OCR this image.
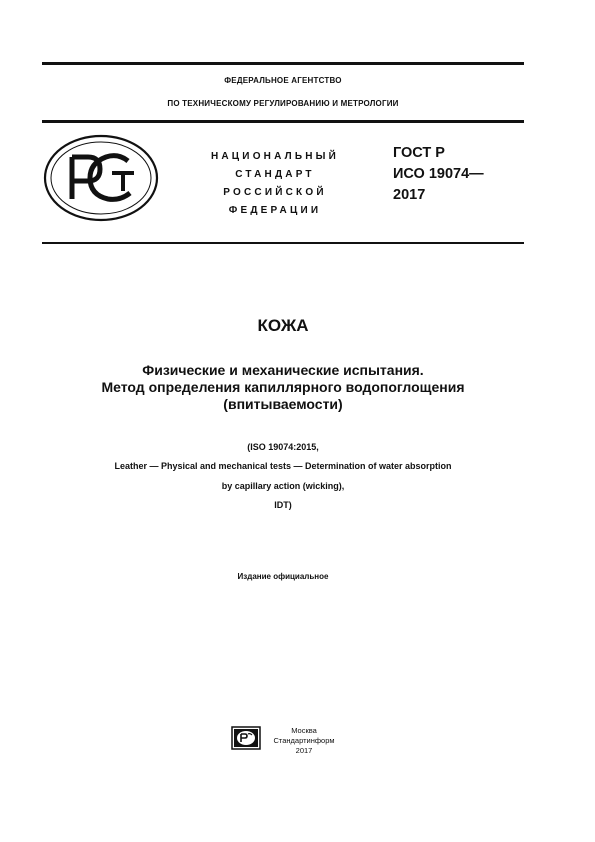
ФЕДЕРАЛЬНОЕ АГЕНТСТВО
ПО ТЕХНИЧЕСКОМУ РЕГУЛИРОВАНИЮ И МЕТРОЛОГИИ
НАЦИОНАЛЬНЫЙ
СТАНДАРТ
РОССИЙСКОЙ
ФЕДЕРАЦИИ
ГОСТ Р
ИСО 19074—
2017
КОЖА
Физические и механические испытания.
Метод определения капиллярного водопоглощения
(впитываемости)
(ISO 19074:2015,
Leather — Physical and mechanical tests — Determination of water absorption
by capillary action (wicking),
IDT)
Издание официальное
Москва
Стандартинформ
2017
